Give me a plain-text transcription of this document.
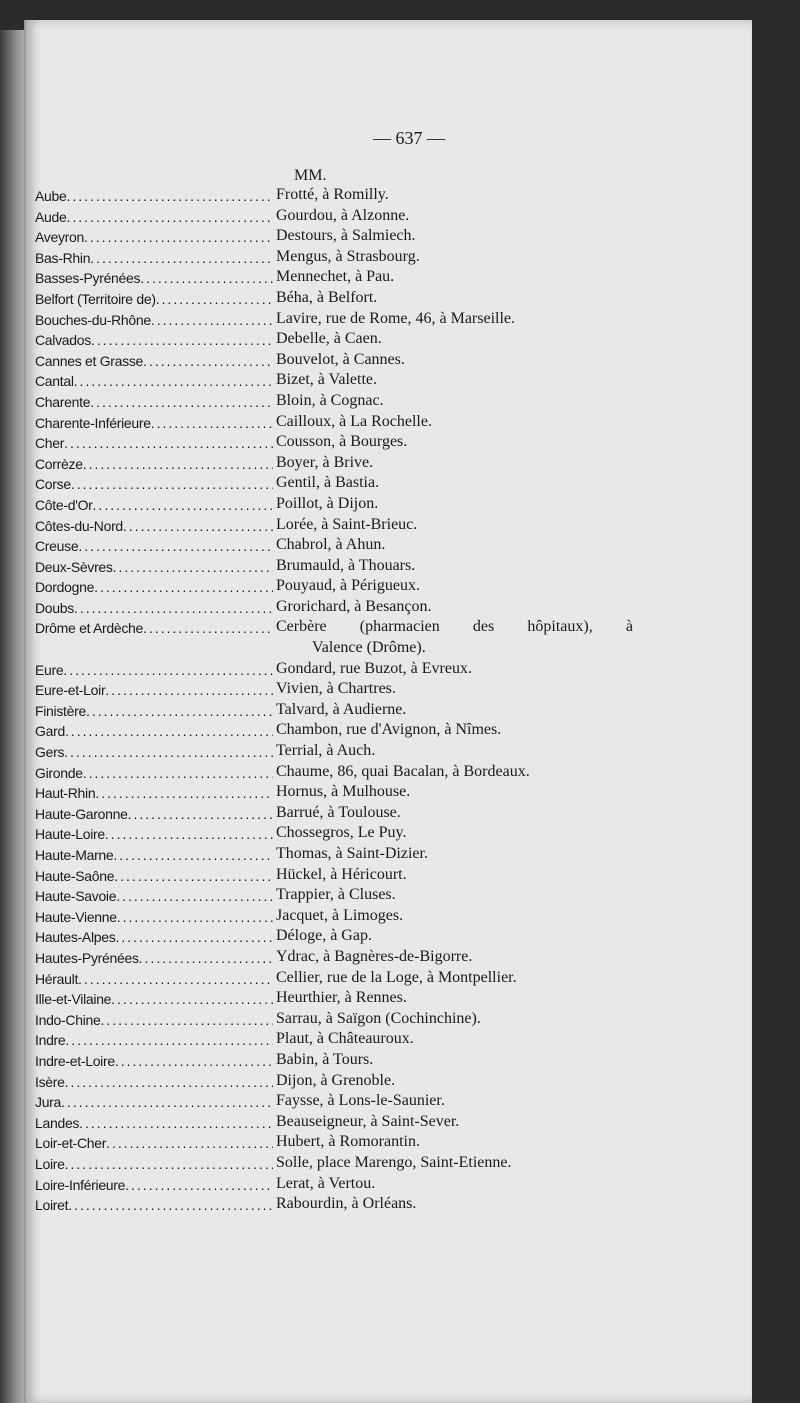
— 637 —
MM.
Aube .....	Frotté, à Romilly.
Aude .....	Gourdou, à Alzonne.
Aveyron .....	Destours, à Salmiech.
Bas-Rhin .....	Mengus, à Strasbourg.
Basses-Pyrénées .....	Mennechet, à Pau.
Belfort (Territoire de) .....	Béha, à Belfort.
Bouches-du-Rhône .....	Lavire, rue de Rome, 46, à Marseille.
Calvados .....	Debelle, à Caen.
Cannes et Grasse .....	Bouvelot, à Cannes.
Cantal .....	Bizet, à Valette.
Charente .....	Bloin, à Cognac.
Charente-Inférieure .....	Cailloux, à La Rochelle.
Cher .....	Cousson, à Bourges.
Corrèze .....	Boyer, à Brive.
Corse .....	Gentil, à Bastia.
Côte-d'Or .....	Poillot, à Dijon.
Côtes-du-Nord .....	Lorée, à Saint-Brieuc.
Creuse .....	Chabrol, à Ahun.
Deux-Sèvres .....	Brumauld, à Thouars.
Dordogne .....	Pouyaud, à Périgueux.
Doubs .....	Grorichard, à Besançon.
Drôme et Ardèche .....	Cerbère (pharmacien des hôpitaux), à
Valence (Drôme).
Eure .....	Gondard, rue Buzot, à Evreux.
Eure-et-Loir .....	Vivien, à Chartres.
Finistère .....	Talvard, à Audierne.
Gard .....	Chambon, rue d'Avignon, à Nîmes.
Gers .....	Terrial, à Auch.
Gironde .....	Chaume, 86, quai Bacalan, à Bordeaux.
Haut-Rhin .....	Hornus, à Mulhouse.
Haute-Garonne .....	Barrué, à Toulouse.
Haute-Loire .....	Chossegros, Le Puy.
Haute-Marne .....	Thomas, à Saint-Dizier.
Haute-Saône .....	Hückel, à Héricourt.
Haute-Savoie .....	Trappier, à Cluses.
Haute-Vienne .....	Jacquet, à Limoges.
Hautes-Alpes .....	Déloge, à Gap.
Hautes-Pyrénées .....	Ydrac, à Bagnères-de-Bigorre.
Hérault .....	Cellier, rue de la Loge, à Montpellier.
Ille-et-Vilaine .....	Heurthier, à Rennes.
Indo-Chine .....	Sarrau, à Saïgon (Cochinchine).
Indre .....	Plaut, à Châteauroux.
Indre-et-Loire .....	Babin, à Tours.
Isère .....	Dijon, à Grenoble.
Jura .....	Faysse, à Lons-le-Saunier.
Landes .....	Beauseigneur, à Saint-Sever.
Loir-et-Cher .....	Hubert, à Romorantin.
Loire .....	Solle, place Marengo, Saint-Etienne.
Loire-Inférieure .....	Lerat, à Vertou.
Loiret .....	Rabourdin, à Orléans.
